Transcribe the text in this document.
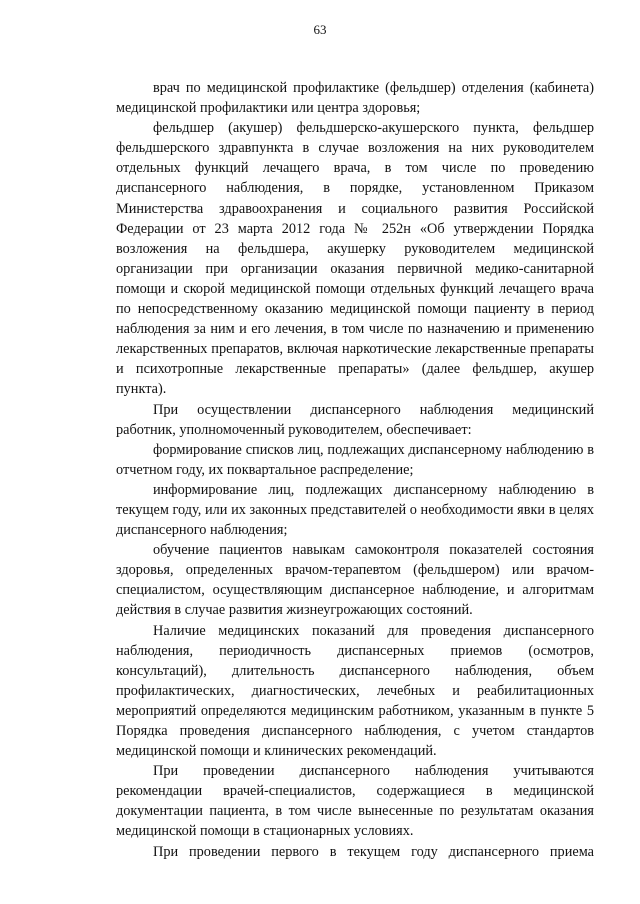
63

врач по медицинской профилактике (фельдшер) отделения (кабинета) медицинской профилактики или центра здоровья;

фельдшер (акушер) фельдшерско-акушерского пункта, фельдшер фельдшерского здравпункта в случае возложения на них руководителем отдельных функций лечащего врача, в том числе по проведению диспансерного наблюдения, в порядке, установленном Приказом Министерства здравоохранения и социального развития Российской Федерации от 23 марта 2012 года № 252н «Об утверждении Порядка возложения на фельдшера, акушерку руководителем медицинской организации при организации оказания первичной медико-санитарной помощи и скорой медицинской помощи отдельных функций лечащего врача по непосредственному оказанию медицинской помощи пациенту в период наблюдения за ним и его лечения, в том числе по назначению и применению лекарственных препаратов, включая наркотические лекарственные препараты и психотропные лекарственные препараты» (далее фельдшер, акушер пункта).

При осуществлении диспансерного наблюдения медицинский работник, уполномоченный руководителем, обеспечивает:

формирование списков лиц, подлежащих диспансерному наблюдению в отчетном году, их поквартальное распределение;

информирование лиц, подлежащих диспансерному наблюдению в текущем году, или их законных представителей о необходимости явки в целях диспансерного наблюдения;

обучение пациентов навыкам самоконтроля показателей состояния здоровья, определенных врачом-терапевтом (фельдшером) или врачом-специалистом, осуществляющим диспансерное наблюдение, и алгоритмам действия в случае развития жизнеугрожающих состояний.

Наличие медицинских показаний для проведения диспансерного наблюдения, периодичность диспансерных приемов (осмотров, консультаций), длительность диспансерного наблюдения, объем профилактических, диагностических, лечебных и реабилитационных мероприятий определяются медицинским работником, указанным в пункте 5 Порядка проведения диспансерного наблюдения, с учетом стандартов медицинской помощи и клинических рекомендаций.

При проведении диспансерного наблюдения учитываются рекомендации врачей-специалистов, содержащиеся в медицинской документации пациента, в том числе вынесенные по результатам оказания медицинской помощи в стационарных условиях.

При проведении первого в текущем году диспансерного приема
